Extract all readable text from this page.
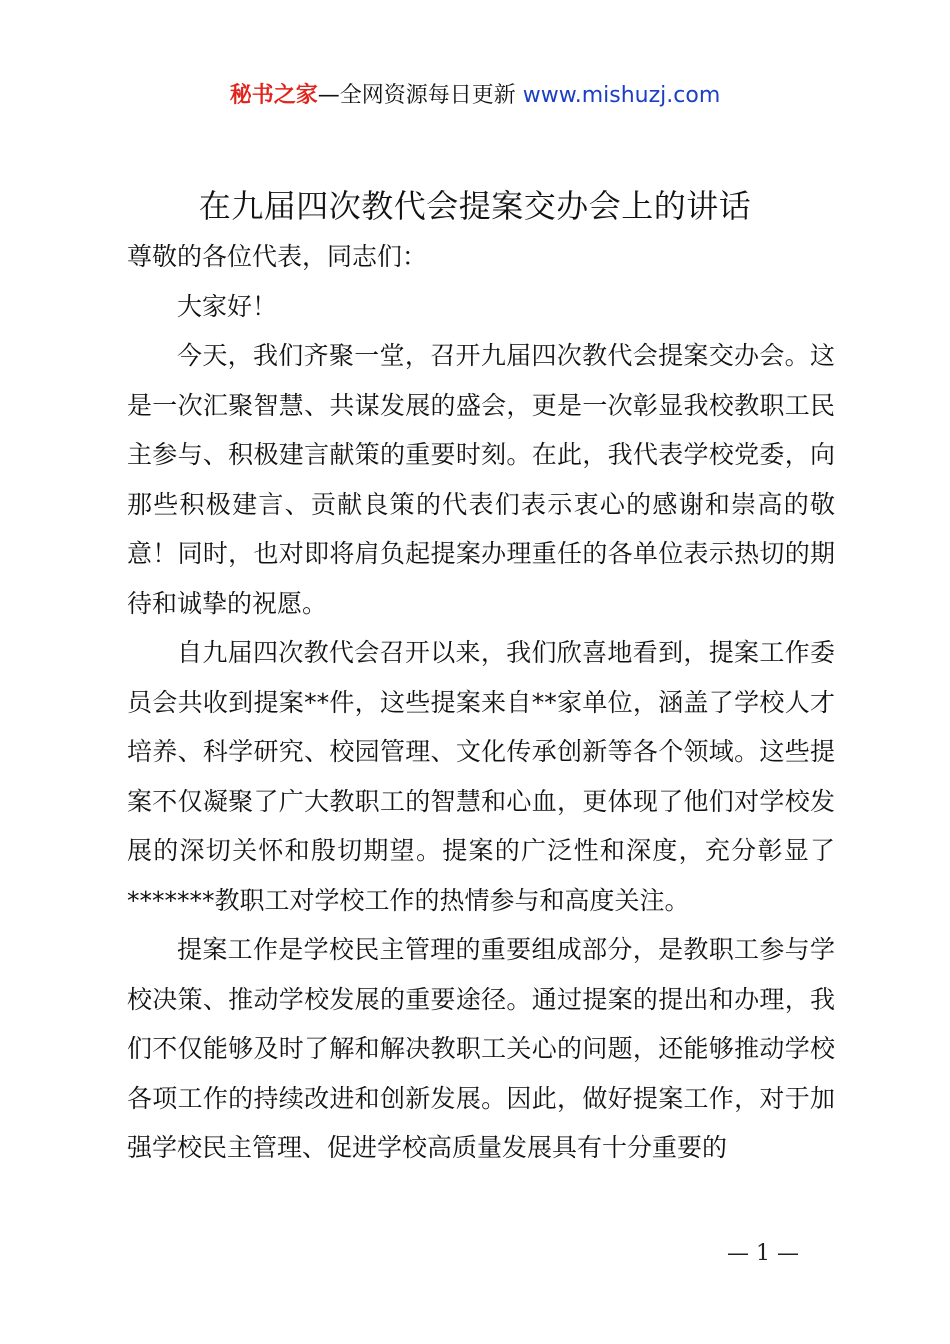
秘书之家—全网资源每日更新 www.mishuzj.com
在九届四次教代会提案交办会上的讲话

尊敬的各位代表，同志们：

大家好！

今天，我们齐聚一堂，召开九届四次教代会提案交办会。这是一次汇聚智慧、共谋发展的盛会，更是一次彰显我校教职工民主参与、积极建言献策的重要时刻。在此，我代表学校党委，向那些积极建言、贡献良策的代表们表示衷心的感谢和崇高的敬意！同时，也对即将肩负起提案办理重任的各单位表示热切的期待和诚挚的祝愿。

自九届四次教代会召开以来，我们欣喜地看到，提案工作委员会共收到提案**件，这些提案来自**家单位，涵盖了学校人才培养、科学研究、校园管理、文化传承创新等各个领域。这些提案不仅凝聚了广大教职工的智慧和心血，更体现了他们对学校发展的深切关怀和殷切期望。提案的广泛性和深度，充分彰显了*******教职工对学校工作的热情参与和高度关注。

提案工作是学校民主管理的重要组成部分，是教职工参与学校决策、推动学校发展的重要途径。通过提案的提出和办理，我们不仅能够及时了解和解决教职工关心的问题，还能够推动学校各项工作的持续改进和创新发展。因此，做好提案工作，对于加强学校民主管理、促进学校高质量发展具有十分重要的

— 1 —
